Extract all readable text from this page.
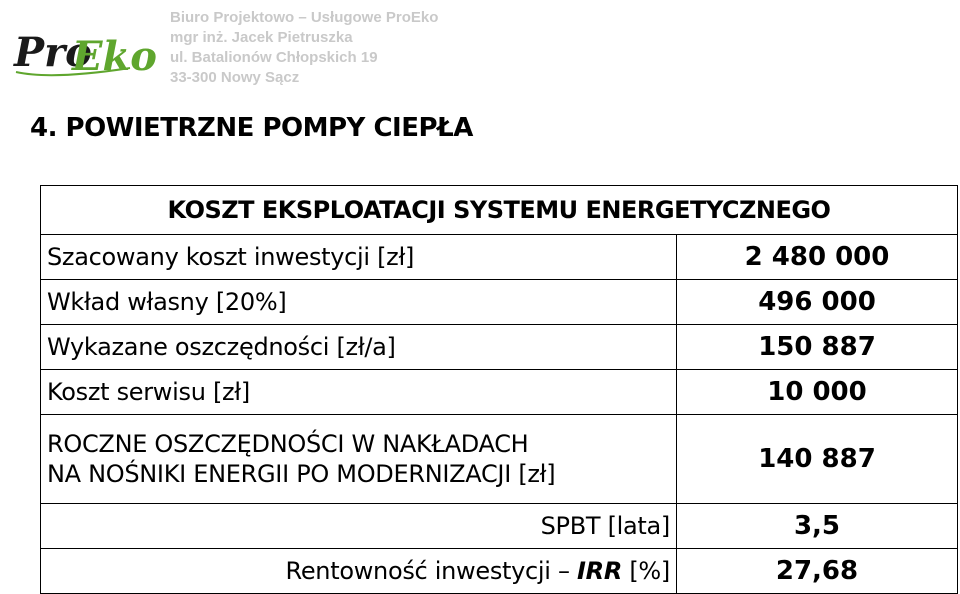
Pro
Eko
Biuro Projektowo – Usługowe ProEko
mgr inż. Jacek Pietruszka
ul. Batalionów Chłopskich 19
33-300 Nowy Sącz
4. POWIETRZNE POMPY CIEPŁA
KOSZT EKSPLOATACJI SYSTEMU ENERGETYCZNEGO	
Szacowany koszt inwestycji [zł]	2 480 000
Wkład własny [20%]	496 000
Wykazane oszczędności [zł/a]	150 887
Koszt serwisu [zł]	10 000

ROCZNE OSZCZĘDNOŚCI W NAKŁADACH
NA NOŚNIKI ENERGII PO MODERNIZACJI [zł]	140 887
SPBT [lata]	3,5
Rentowność inwestycji – IRR [%]	27,68
